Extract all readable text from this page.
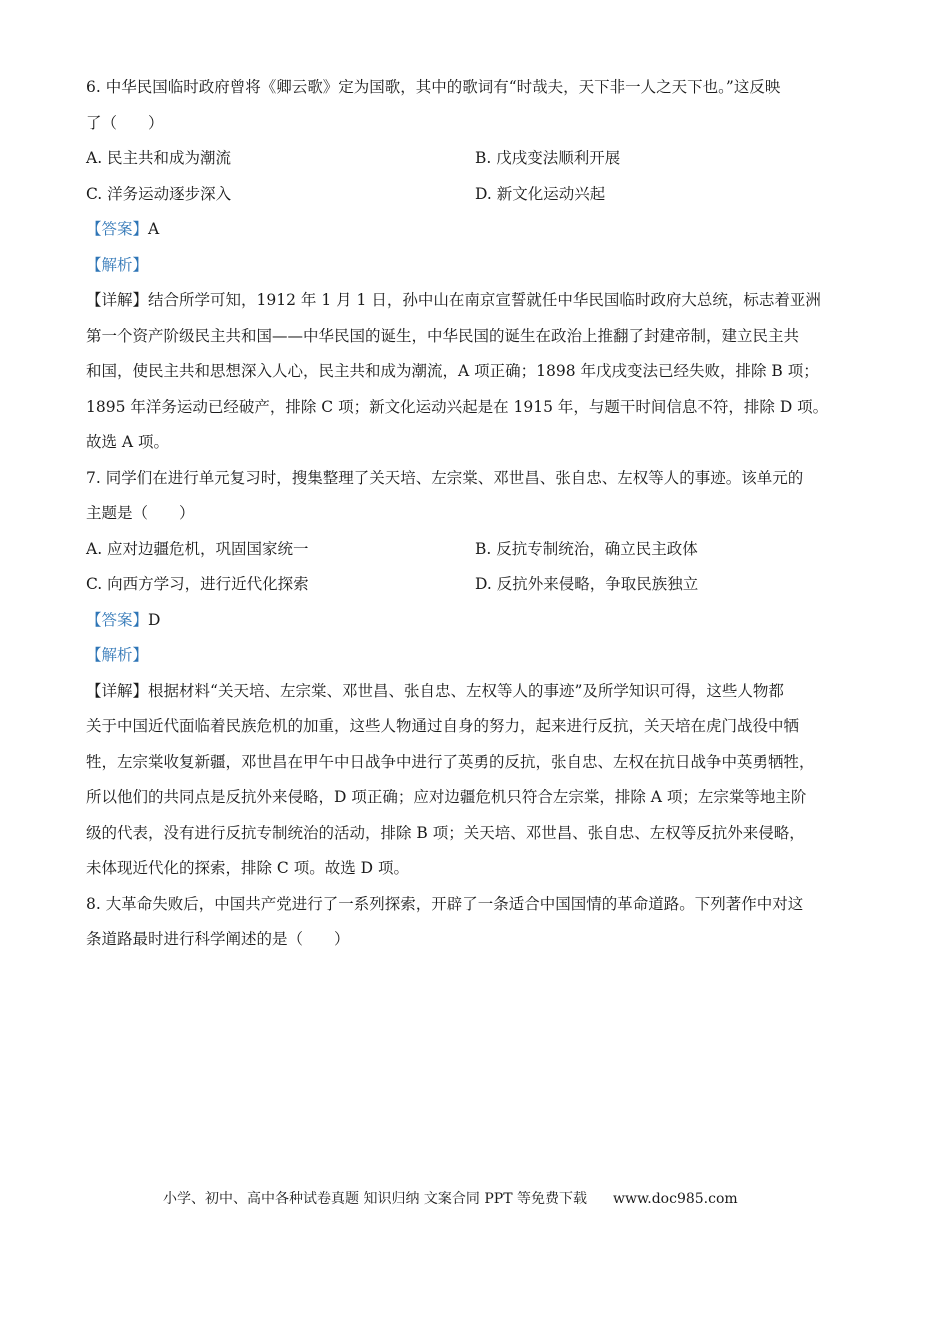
6. 中华民国临时政府曾将《卿云歌》定为国歌，其中的歌词有“时哉夫，天下非一人之天下也。”这反映
了（　　）
A. 民主共和成为潮流	B. 戊戌变法顺利开展
C. 洋务运动逐步深入	D. 新文化运动兴起
【答案】A
【解析】
【详解】结合所学可知，1912 年 1 月 1 日，孙中山在南京宣誓就任中华民国临时政府大总统，标志着亚洲
第一个资产阶级民主共和国——中华民国的诞生，中华民国的诞生在政治上推翻了封建帝制，建立民主共
和国，使民主共和思想深入人心，民主共和成为潮流，A 项正确；1898 年戊戌变法已经失败，排除 B 项；
1895 年洋务运动已经破产，排除 C 项；新文化运动兴起是在 1915 年，与题干时间信息不符，排除 D 项。
故选 A 项。
7. 同学们在进行单元复习时，搜集整理了关天培、左宗棠、邓世昌、张自忠、左权等人的事迹。该单元的
主题是（　　）
A. 应对边疆危机，巩固国家统一	B. 反抗专制统治，确立民主政体
C. 向西方学习，进行近代化探索	D. 反抗外来侵略，争取民族独立
【答案】D
【解析】
【详解】根据材料“关天培、左宗棠、邓世昌、张自忠、左权等人的事迹”及所学知识可得，这些人物都
关于中国近代面临着民族危机的加重，这些人物通过自身的努力，起来进行反抗，关天培在虎门战役中牺
牲，左宗棠收复新疆，邓世昌在甲午中日战争中进行了英勇的反抗，张自忠、左权在抗日战争中英勇牺牲，
所以他们的共同点是反抗外来侵略，D 项正确；应对边疆危机只符合左宗棠，排除 A 项；左宗棠等地主阶
级的代表，没有进行反抗专制统治的活动，排除 B 项；关天培、邓世昌、张自忠、左权等反抗外来侵略，
未体现近代化的探索，排除 C 项。故选 D 项。
8. 大革命失败后，中国共产党进行了一系列探索，开辟了一条适合中国国情的革命道路。下列著作中对这
条道路最时进行科学阐述的是（　　）
小学、初中、高中各种试卷真题 知识归纳 文案合同 PPT 等免费下载 www.doc985.com
